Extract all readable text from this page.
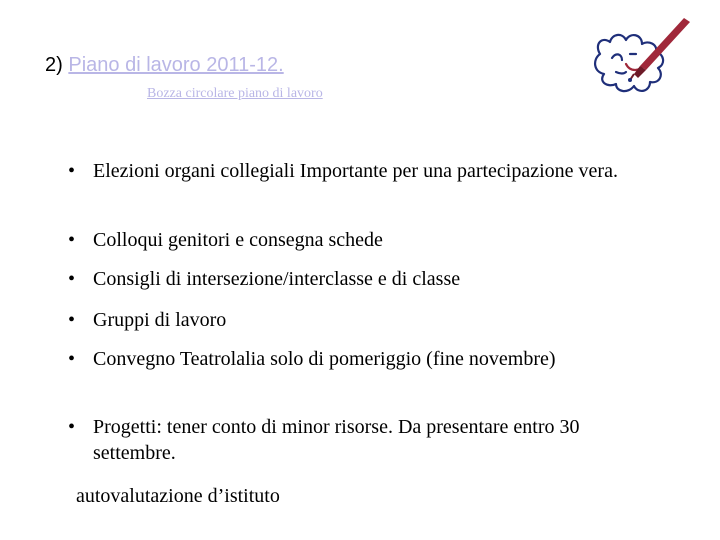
2) Piano di lavoro 2011-12.
Bozza circolare piano di lavoro
• Elezioni organi collegiali Importante per una partecipazione vera.
• Colloqui genitori e consegna schede
• Consigli di intersezione/interclasse e di classe
• Gruppi di lavoro
• Convegno Teatrolalia solo di pomeriggio (fine novembre)
• Progetti: tener conto di minor risorse. Da presentare entro 30 settembre.
autovalutazione d’istituto
